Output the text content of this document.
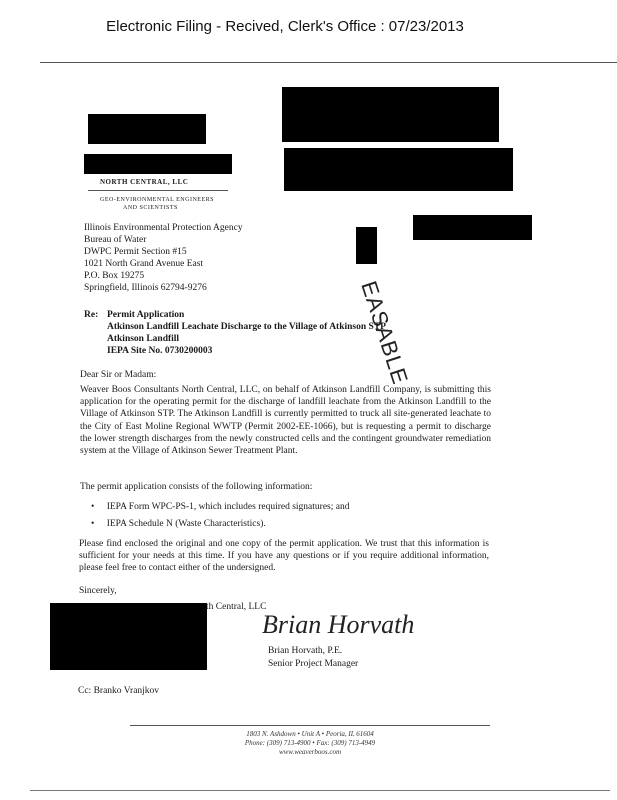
Electronic Filing - Recived, Clerk's Office : 07/23/2013
NORTH CENTRAL, LLC
GEO-ENVIRONMENTAL ENGINEERS
AND SCIENTISTS
EASABLE
Illinois Environmental Protection Agency
Bureau of Water
DWPC Permit Section #15
1021 North Grand Avenue East
P.O. Box 19275
Springfield, Illinois 62794-9276
Re: Permit Application
Atkinson Landfill Leachate Discharge to the Village of Atkinson STP
Atkinson Landfill
IEPA Site No. 0730200003
Dear Sir or Madam:
Weaver Boos Consultants North Central, LLC, on behalf of Atkinson Landfill Company, is submitting this application for the operating permit for the discharge of landfill leachate from the Atkinson Landfill to the Village of Atkinson STP. The Atkinson Landfill is currently permitted to truck all site-generated leachate to the City of East Moline Regional WWTP (Permit 2002-EE-1066), but is requesting a permit to discharge the lower strength discharges from the newly constructed cells and the contingent groundwater remediation system at the Village of Atkinson Sewer Treatment Plant.
The permit application consists of the following information:
• IEPA Form WPC-PS-1, which includes required signatures; and
• IEPA Schedule N (Waste Characteristics).
Please find enclosed the original and one copy of the permit application. We trust that this information is sufficient for your needs at this time. If you have any questions or if you require additional information, please feel free to contact either of the undersigned.
Sincerely,
th Central, LLC
Brian Horvath
Brian Horvath, P.E.
Senior Project Manager
Cc: Branko Vranjkov
1803 N. Ashdown • Unit A • Peoria, IL 61604
Phone: (309) 713-4900 • Fax: (309) 713-4949
www.weaverboos.com
